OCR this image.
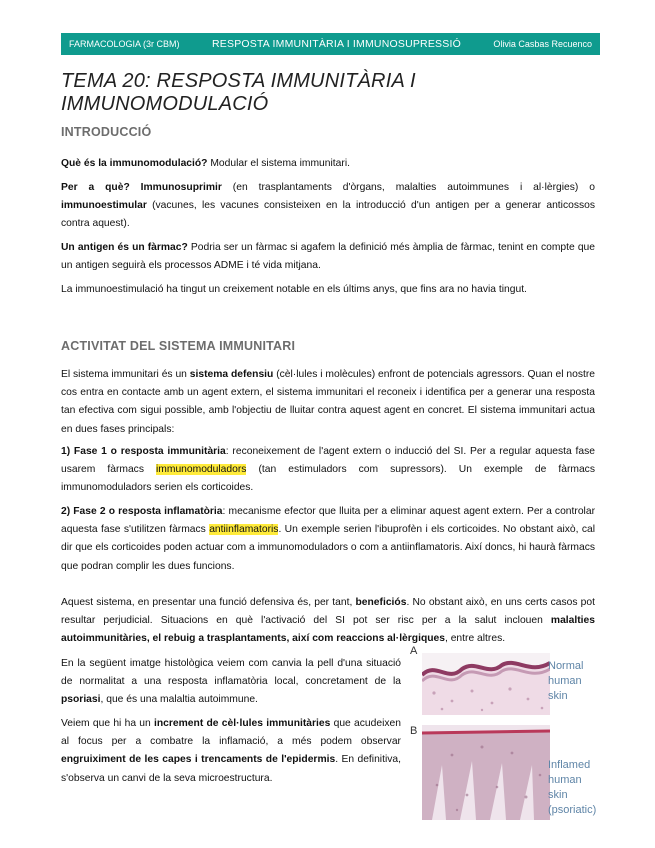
FARMACOLOGIA (3r CBM)	RESPOSTA IMMUNITÀRIA I IMMUNOSUPRESSIÓ	Olivia Casbas Recuenco
TEMA 20: RESPOSTA IMMUNITÀRIA I IMMUNOMODULACIÓ
INTRODUCCIÓ

Què és la immunomodulació? Modular el sistema immunitari.

Per a què? Immunosuprimir (en trasplantaments d'òrgans, malalties autoimmunes i al·lèrgies) o immunoestimular (vacunes, les vacunes consisteixen en la introducció d'un antigen per a generar anticossos contra aquest).

Un antigen és un fàrmac? Podria ser un fàrmac si agafem la definició més àmplia de fàrmac, tenint en compte que un antigen seguirà els processos ADME i té vida mitjana.

La immunoestimulació ha tingut un creixement notable en els últims anys, que fins ara no havia tingut.

ACTIVITAT DEL SISTEMA IMMUNITARI

El sistema immunitari és un sistema defensiu (cèl·lules i molècules) enfront de potencials agressors. Quan el nostre cos entra en contacte amb un agent extern, el sistema immunitari el reconeix i identifica per a generar una resposta tan efectiva com sigui possible, amb l'objectiu de lluitar contra aquest agent en concret. El sistema immunitari actua en dues fases principals:

1) Fase 1 o resposta immunitària: reconeixement de l'agent extern o inducció del SI. Per a regular aquesta fase usarem fàrmacs immunomoduladors (tan estimuladors com supressors). Un exemple de fàrmacs immunomoduladors serien els corticoides.

2) Fase 2 o resposta inflamatòria: mecanisme efector que lluita per a eliminar aquest agent extern. Per a controlar aquesta fase s'utilitzen fàrmacs antiinflamatoris. Un exemple serien l'ibuprofèn i els corticoides. No obstant això, cal dir que els corticoides poden actuar com a immunomoduladors o com a antiinflamatoris. Així doncs, hi haurà fàrmacs que podran complir les dues funcions.

Aquest sistema, en presentar una funció defensiva és, per tant, beneficiós. No obstant això, en uns certs casos pot resultar perjudicial. Situacions en què l'activació del SI pot ser risc per a la salut inclouen malalties autoimmunitàries, el rebuig a trasplantaments, així com reaccions al·lèrgiques, entre altres.

En la següent imatge histològica veiem com canvia la pell d'una situació de normalitat a una resposta inflamatòria local, concretament de la psoriasi, que és una malaltia autoimmune.

Veiem que hi ha un increment de cèl·lules immunitàries que acudeixen al focus per a combatre la inflamació, a més podem observar engruiximent de les capes i trencaments de l'epidermis. En definitiva, s'observa un canvi de la seva microestructura.

A
Normal
human
skin
B
Inflamed
human
skin
(psoriatic)
